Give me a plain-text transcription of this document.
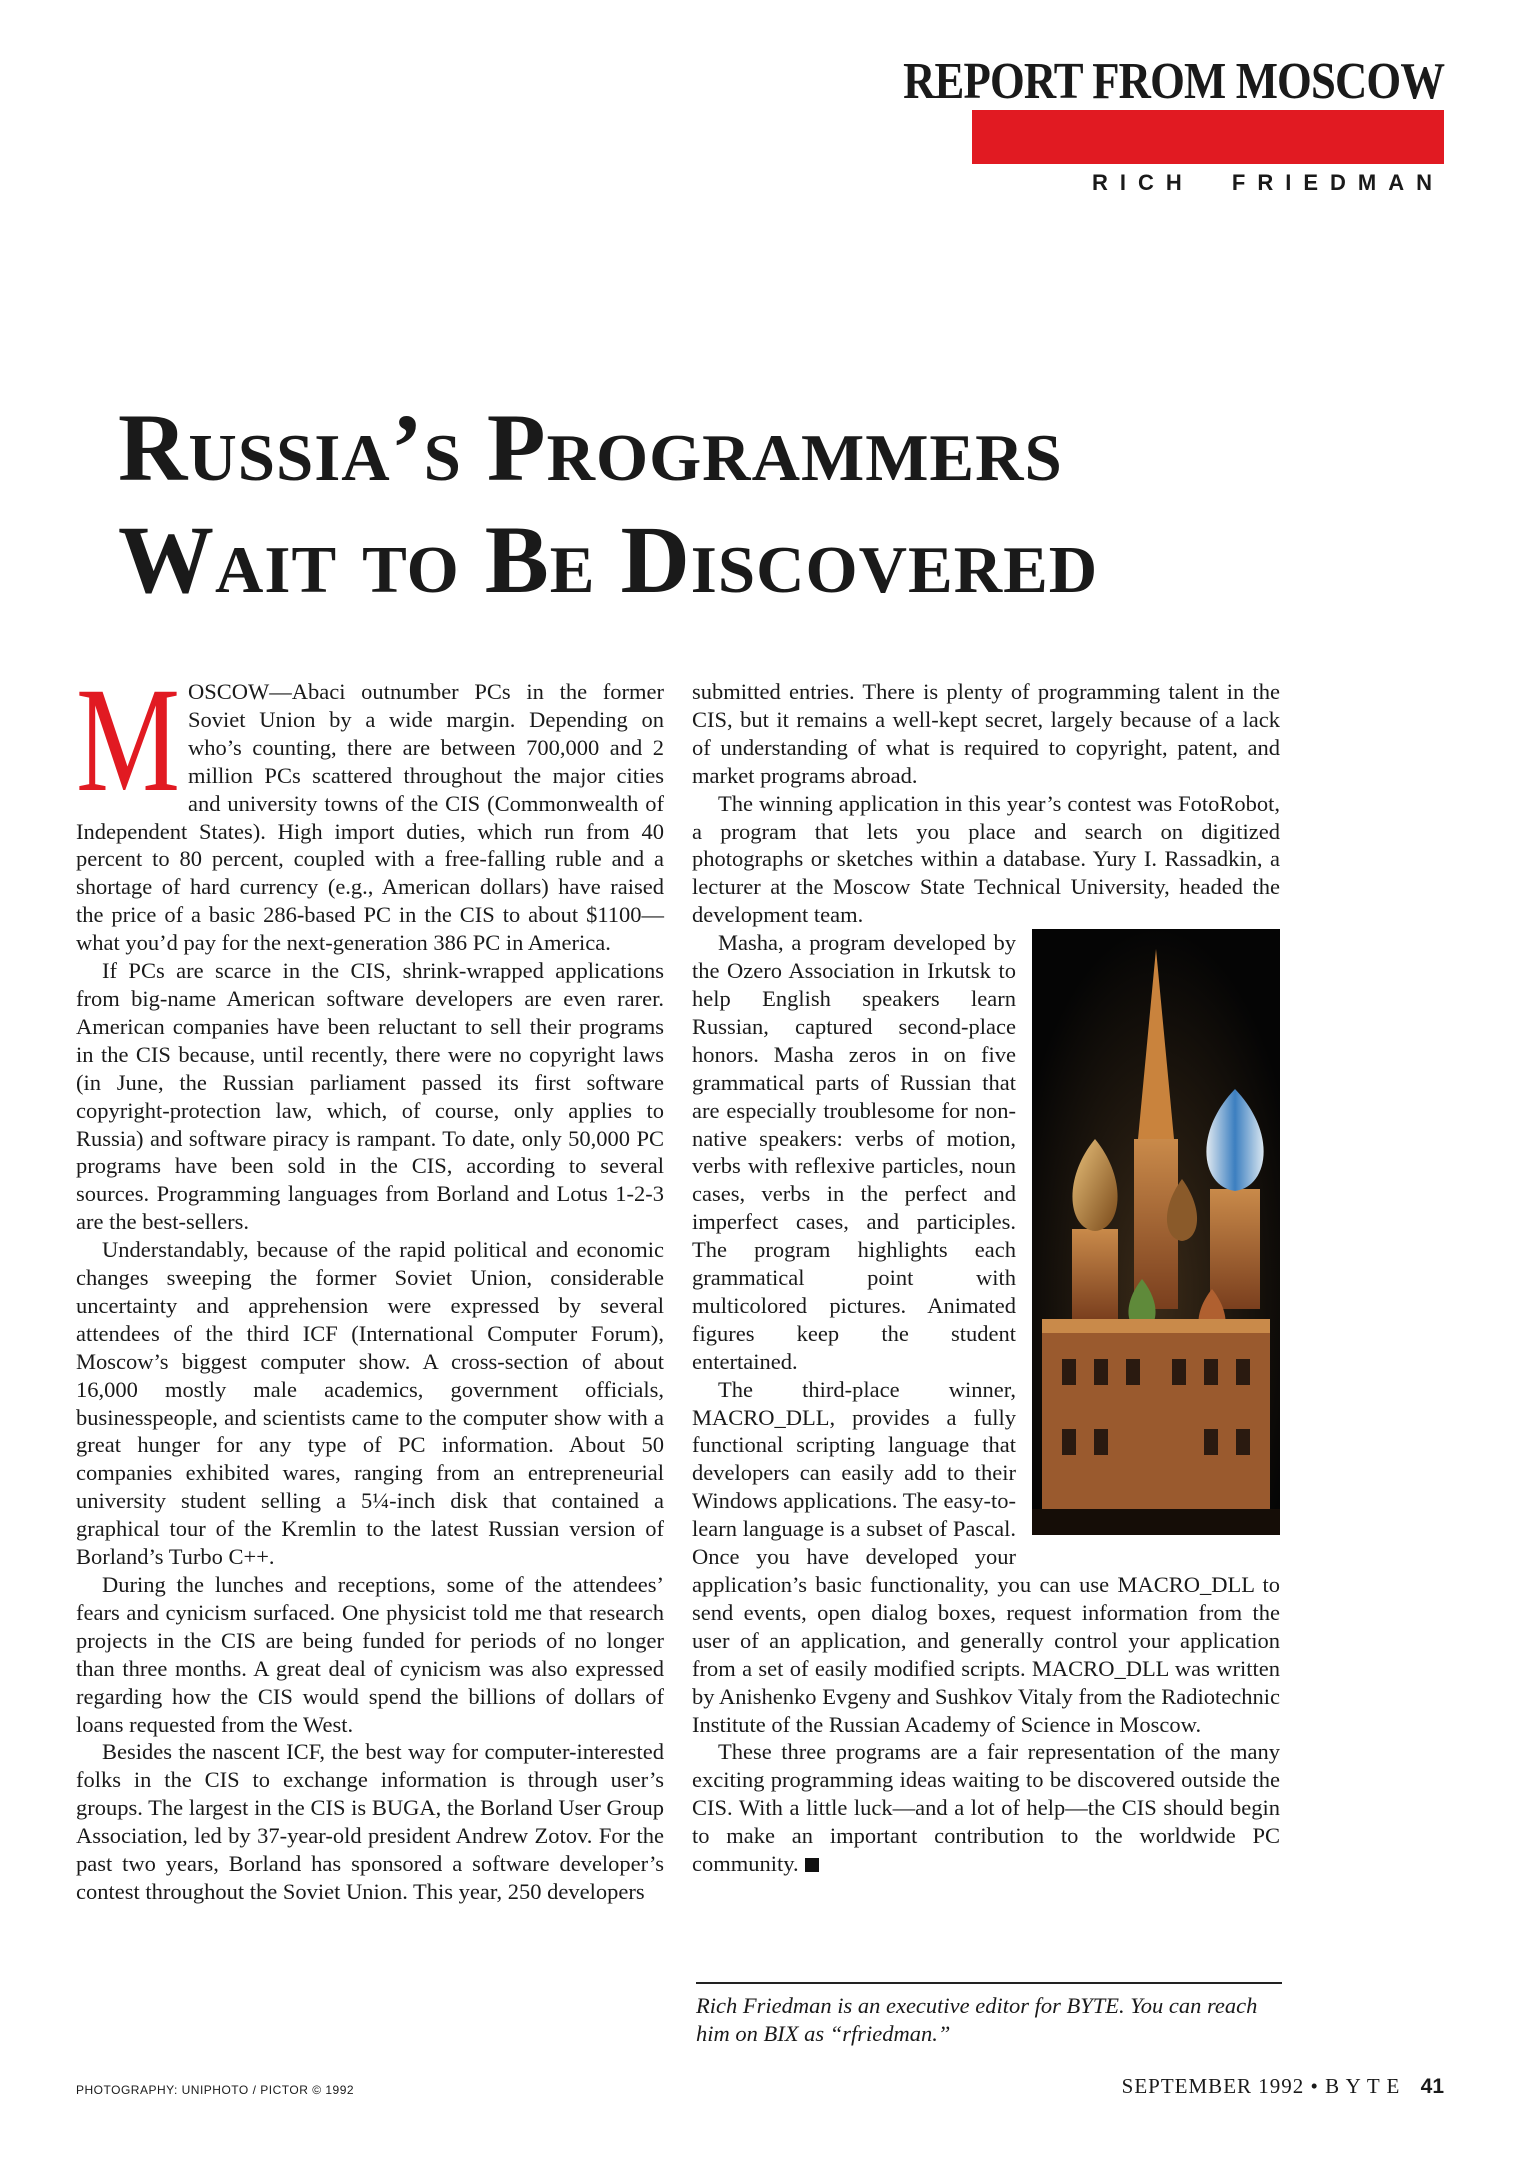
REPORT FROM MOSCOW
RICH FRIEDMAN
Russia’s Programmers
Wait to Be Discovered
M OSCOW—Abaci outnumber PCs in the former Soviet Union by a wide margin. Depending on who’s counting, there are between 700,000 and 2 million PCs scattered throughout the major cities and university towns of the CIS (Commonwealth of Independent States). High import duties, which run from 40 percent to 80 percent, coupled with a free-falling ruble and a shortage of hard currency (e.g., American dollars) have raised the price of a basic 286-based PC in the CIS to about $1100—what you’d pay for the next-generation 386 PC in America.

If PCs are scarce in the CIS, shrink-wrapped applications from big-name American software developers are even rarer. American companies have been reluctant to sell their programs in the CIS because, until recently, there were no copyright laws (in June, the Russian parliament passed its first software copyright-protection law, which, of course, only applies to Russia) and software piracy is rampant. To date, only 50,000 PC programs have been sold in the CIS, according to several sources. Programming languages from Borland and Lotus 1-2-3 are the best-sellers.

Understandably, because of the rapid political and economic changes sweeping the former Soviet Union, considerable uncertainty and apprehension were expressed by several attendees of the third ICF (International Computer Forum), Moscow’s biggest computer show. A cross-section of about 16,000 mostly male academics, government officials, businesspeople, and scientists came to the computer show with a great hunger for any type of PC information. About 50 companies exhibited wares, ranging from an entrepreneurial university student selling a 5¼-inch disk that contained a graphical tour of the Kremlin to the latest Russian version of Borland’s Turbo C++.

During the lunches and receptions, some of the attendees’ fears and cynicism surfaced. One physicist told me that research projects in the CIS are being funded for periods of no longer than three months. A great deal of cynicism was also expressed regarding how the CIS would spend the billions of dollars of loans requested from the West.

Besides the nascent ICF, the best way for computer-interested folks in the CIS to exchange information is through user’s groups. The largest in the CIS is BUGA, the Borland User Group Association, led by 37-year-old president Andrew Zotov. For the past two years, Borland has sponsored a software developer’s contest throughout the Soviet Union. This year, 250 developers

submitted entries. There is plenty of programming talent in the CIS, but it remains a well-kept secret, largely because of a lack of understanding of what is required to copyright, patent, and market programs abroad.

The winning application in this year’s contest was FotoRobot, a program that lets you place and search on digitized photographs or sketches within a database. Yury I. Rassadkin, a lecturer at the Moscow State Technical University, headed the development team.

Masha, a program developed by the Ozero Association in Irkutsk to help English speakers learn Russian, captured second-place honors. Masha zeros in on five grammatical parts of Russian that are especially troublesome for non-native speakers: verbs of motion, verbs with reflexive particles, noun cases, verbs in the perfect and imperfect cases, and participles. The program highlights each grammatical point with multicolored pictures. Animated figures keep the student entertained.

The third-place winner, MACRO_DLL, provides a fully functional scripting language that developers can easily add to their Windows applications. The easy-to-learn language is a subset of Pascal. Once you have developed your application’s basic functionality, you can use MACRO_DLL to send events, open dialog boxes, request information from the user of an application, and generally control your application from a set of easily modified scripts. MACRO_DLL was written by Anishenko Evgeny and Sushkov Vitaly from the Radiotechnic Institute of the Russian Academy of Science in Moscow.

These three programs are a fair representation of the many exciting programming ideas waiting to be discovered outside the CIS. With a little luck—and a lot of help—the CIS should begin to make an important contribution to the worldwide PC community.

Rich Friedman is an executive editor for BYTE. You can reach him on BIX as “rfriedman.”
PHOTOGRAPHY: UNIPHOTO / PICTOR © 1992	SEPTEMBER 1992 • B Y T E 41
